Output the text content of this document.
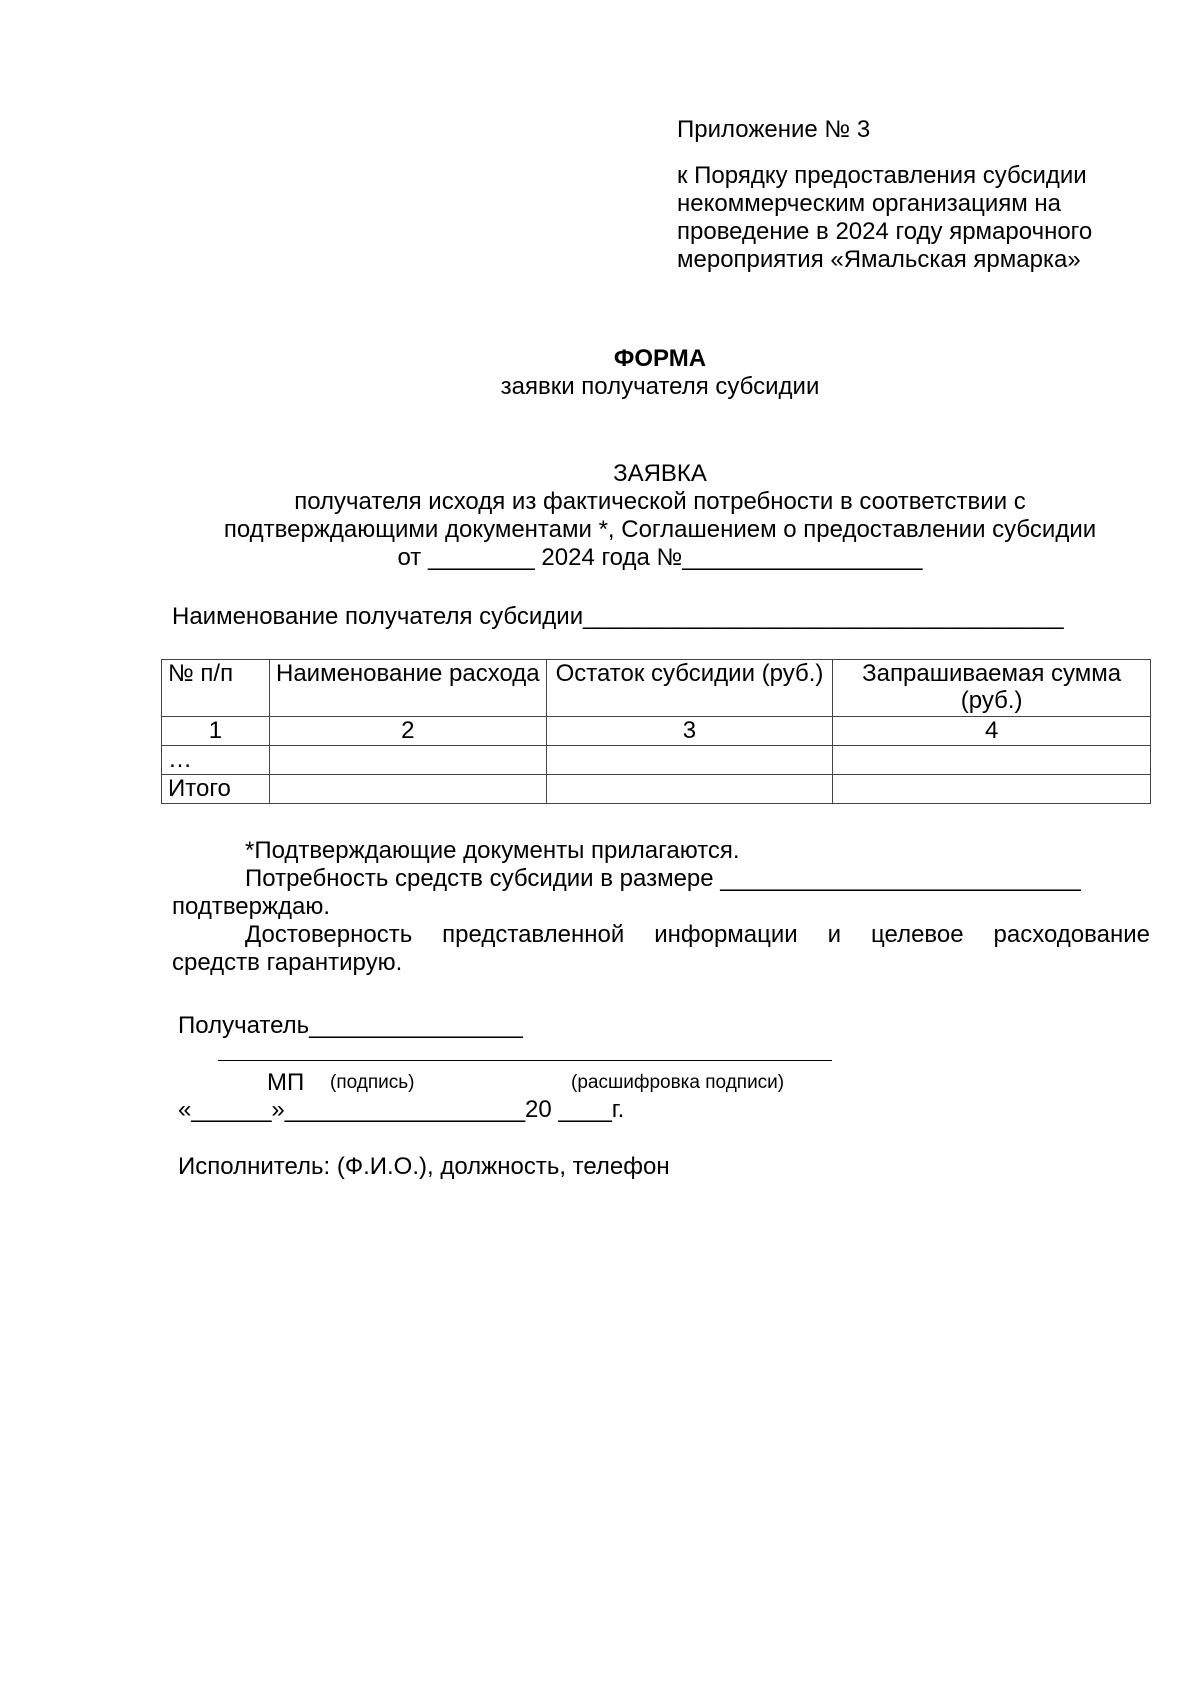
Приложение № 3
к Порядку предоставления субсидии
некоммерческим организациям на
проведение в 2024 году ярмарочного
мероприятия «Ямальская ярмарка»
ФОРМА
заявки получателя субсидии
ЗАЯВКА
получателя исходя из фактической потребности в соответствии с
подтверждающими документами *, Соглашением о предоставлении субсидии
от ________ 2024 года №__________________
Наименование получателя субсидии____________________________________
№ п/п	Наименование расхода	Остаток субсидии (руб.)	Запрашиваемая сумма (руб.)
1	2	3	4
…			
Итого			

*Подтверждающие документы прилагаются.

Потребность средств субсидии в размере ___________________________

подтверждаю.

Достоверность представленной информации и целевое расходование

средств гарантирую.

Получатель________________
МП (подпись)	(расшифровка подписи)
«______»__________________20 ____г.
Исполнитель: (Ф.И.О.), должность, телефон
